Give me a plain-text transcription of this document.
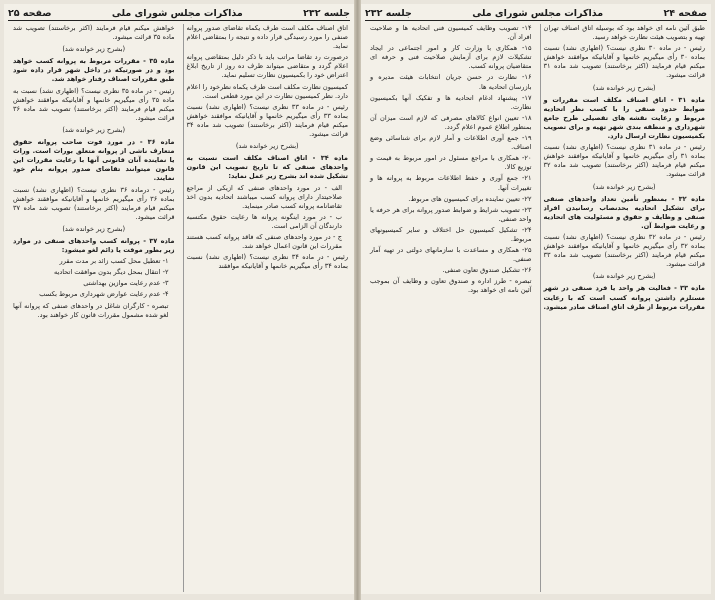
صفحه ۲۵	مذاکرات مجلس شورای ملی	جلسه ۲۳۲

اتاق اصناف مکلف است طرف یکماه تقاضای صدور پروانه صنفی را مورد رسیدگی قرار داده و نتیجه را بمتقاضی اعلام نماید.

درصورت رد تقاضا مراتب باید با ذکر دلیل بمتقاضی پروانه اعلام گردد و متقاضی میتواند ظرف ده روز از تاریخ ابلاغ اعتراض خود را بکمیسیون نظارت تسلیم نماید.

کمیسیون نظارت مکلف است ظرف یکماه نظرخود را اعلام دارد. نظر کمیسیون نظارت در این مورد قطعی است.

رئیس - در ماده ۳۳ نظری نیست؟ (اظهاری نشد) نسبت بماده ۳۳ رأی میگیریم خانمها و آقایانیکه موافقند خواهش میکنم قیام فرمایند (اکثر برخاستند) تصویب شد ماده ۳۴ قرائت میشود.

(بشرح زیر خوانده شد)

ماده ۳۴ - اتاق اصناف مکلف است نسبت به واحدهای صنفی که تا تاریخ تصویب این قانون تشکیل شده اند بشرح زیر عمل نماید:

الف - در مورد واحدهای صنفی که ازیکی از مراجع صلاحیتدار دارای پروانه کسب میباشند اتحادیه بدون اخذ تقاضانامه پروانه کسب صادر مینماید.

ب - در مورد اینگونه پروانه ها رعایت حقوق مکتسبه دارندگان آن الزامی است.

ج - در مورد واحدهای صنفی که فاقد پروانه کسب هستند مقررات این قانون اعمال خواهد شد.

رئیس - در ماده ۳۴ نظری نیست؟ (اظهاری نشد) نسبت بماده ۳۴ رأی میگیریم خانمها و آقایانیکه موافقند

خواهش میکنم قیام فرمایند (اکثر برخاستند) تصویب شد ماده ۳۵ قرائت میشود.

(بشرح زیر خوانده شد)

ماده ۳۵ - مقررات مربوط به پروانه کسب خواهد بود و در صورتیکه در داخل شهر قرار داده شود طبق مقررات اصناف رفتار خواهد شد.

رئیس - در ماده ۳۵ نظری نیست؟ (اظهاری نشد) نسبت به ماده ۳۵ رأی میگیریم خانمها و آقایانیکه موافقند خواهش میکنم قیام فرمایند (اکثر برخاستند) تصویب شد ماده ۳۶ قرائت میشود.

(بشرح زیر خوانده شد)

ماده ۳۶ - در مورد فوت صاحب پروانه حقوق متعارف ناشی از پروانه متعلق بوراث است. وراث یا نماینده آنان قانونی آنها با رعایت مقررات این قانون میتوانند تقاضای صدور پروانه بنام خود نمایند.

رئیس - درماده ۳۶ نظری نیست؟ (اظهاری نشد) نسبت بماده ۳۶ رأی میگیریم خانمها و آقایانیکه موافقند خواهش میکنم قیام فرمایند (اکثر برخاستند) تصویب شد ماده ۳۷ قرائت میشود.

(بشرح زیر خوانده شد)

ماده ۳۷ - پروانه کسب واحدهای صنفی در موارد زیر بطور موقت یا دائم لغو میشود:

۱- تعطیل محل کسب زائد بر مدت مقرر

۲- انتقال بمحل دیگر بدون موافقت اتحادیه

۳- عدم رعایت موازین بهداشتی

۴- عدم رعایت عوارض شهرداری مربوط بکسب

تبصره - کارگران شاغل در واحدهای صنفی که پروانه آنها لغو شده مشمول مقررات قانون کار خواهند بود.

جلسه ۲۳۲	مذاکرات مجلس شورای ملی	صفحه ۲۴

طبق آئین نامه ای خواهد بود که بوسیله اتاق اصناف تهران تهیه و بتصویب هیئت نظارت خواهد رسید.

رئیس - در ماده ۳۰ نظری نیست؟ (اظهاری نشد) نسبت بماده ۳۰ رأی میگیریم خانمها و آقایانیکه موافقند خواهش میکنم قیام فرمایند (اکثر برخاستند) تصویب شد ماده ۳۱ قرائت میشود.

(بشرح زیر خوانده شد)

ماده ۳۱ - اتاق اصناف مکلف است مقررات و ضوابط حدود صنفی را با کسب نظر اتحادیه مربوط و رعایت نقشه های تفصیلی طرح جامع شهرداری و منطقه بندی شهر تهیه و برای تصویب بکمیسیون نظارت ارسال دارد.

رئیس - در ماده ۳۱ نظری نیست؟ (اظهاری نشد) نسبت بماده ۳۱ رأی میگیریم خانمها و آقایانیکه موافقند خواهش میکنم قیام فرمایند (اکثر برخاستند) تصویب شد ماده ۳۲ قرائت میشود.

(بشرح زیر خوانده شد)

ماده ۳۲ - بمنظور تأمین تعداد واحدهای صنفی برای تشکیل اتحادیه بحدنصاب رسانیدن افراد صنفی و وظایف و حقوق و مسئولیت های اتحادیه و رعایت ضوابط آن.

رئیس - در ماده ۳۲ نظری نیست؟ (اظهاری نشد) نسبت بماده ۳۲ رأی میگیریم خانمها و آقایانیکه موافقند خواهش میکنم قیام فرمایند (اکثر برخاستند) تصویب شد ماده ۳۳ قرائت میشود.

(بشرح زیر خوانده شد)

ماده ۳۳ - فعالیت هر واحد یا فرد صنفی در شهر مستلزم داشتن پروانه کسب است که با رعایت مقررات مربوط از طرف اتاق اصناف صادر میشود.

۱۴- تصویب وظایف کمیسیون فنی اتحادیه ها و صلاحیت افراد آن.

۱۵- همکاری با وزارت کار و امور اجتماعی در ایجاد تشکیلات لازم برای آزمایش صلاحیت فنی و حرفه ای متقاضیان پروانه کسب.

۱۶- نظارت در حسن جریان انتخابات هیئت مدیره و بازرسان اتحادیه ها.

۱۷- پیشنهاد ادغام اتحادیه ها و تفکیک آنها بکمیسیون نظارت.

۱۸- تعیین انواع کالاهای مصرفی که لازم است میزان آن بمنظور اطلاع عموم اعلام گردد.

۱۹- جمع آوری اطلاعات و آمار لازم برای شناسائی وضع اصناف.

۲۰- همکاری با مراجع مسئول در امور مربوط به قیمت و توزیع کالا.

۲۱- جمع آوری و حفظ اطلاعات مربوط به پروانه ها و تغییرات آنها.

۲۲- تعیین نماینده برای کمیسیون های مربوط.

۲۳- تصویب شرایط و ضوابط صدور پروانه برای هر حرفه یا واحد صنفی.

۲۴- تشکیل کمیسیون حل اختلاف و سایر کمیسیونهای مربوط.

۲۵- همکاری و مساعدت با سازمانهای دولتی در تهیه آمار صنفی.

۲۶- تشکیل صندوق تعاون صنفی.

تبصره - طرز اداره و صندوق تعاون و وظایف آن بموجب آئین نامه ای خواهد بود.
